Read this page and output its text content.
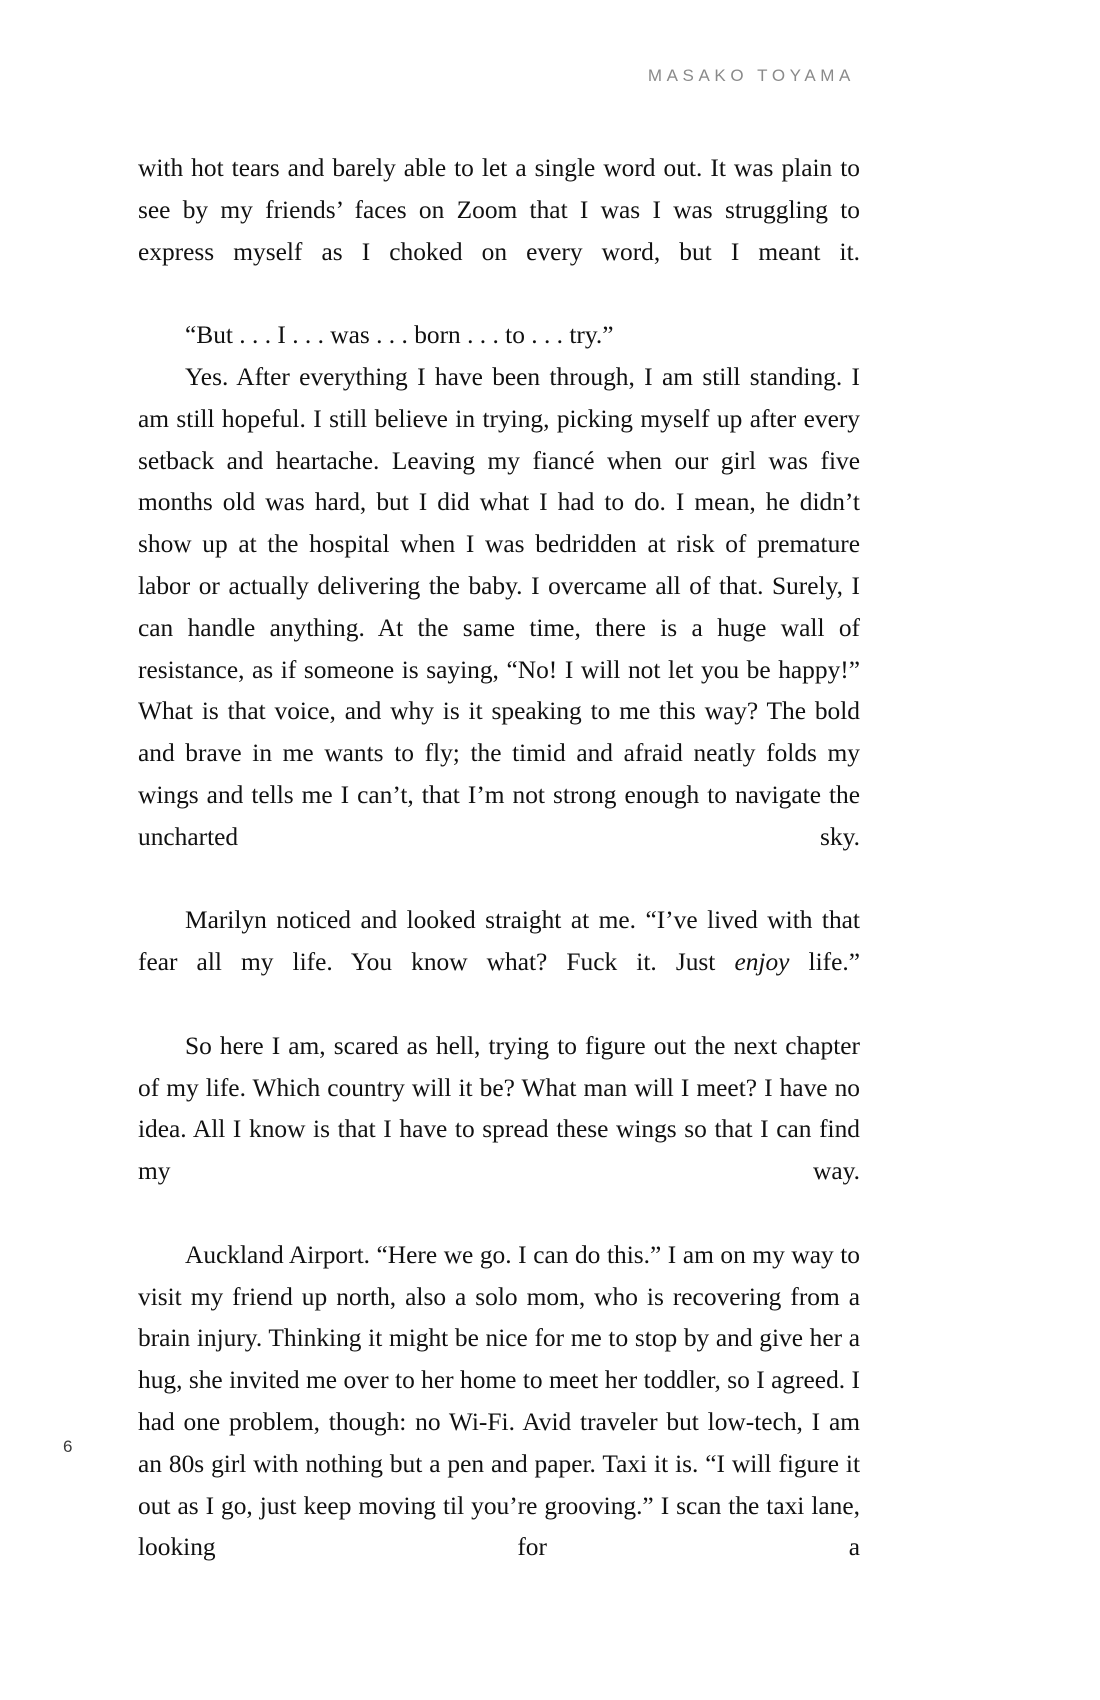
MASAKO TOYAMA

with hot tears and barely able to let a single word out. It was plain to see by my friends’ faces on Zoom that I was I was struggling to express myself as I choked on every word, but I meant it.

“But . . . I . . . was . . . born . . . to . . . try.”

Yes. After everything I have been through, I am still standing. I am still hopeful. I still believe in trying, picking myself up after every setback and heartache. Leaving my fiancé when our girl was five months old was hard, but I did what I had to do. I mean, he didn’t show up at the hospital when I was bedridden at risk of premature labor or actually delivering the baby. I overcame all of that. Surely, I can handle anything. At the same time, there is a huge wall of resistance, as if someone is saying, “No! I will not let you be happy!” What is that voice, and why is it speaking to me this way? The bold and brave in me wants to fly; the timid and afraid neatly folds my wings and tells me I can’t, that I’m not strong enough to navigate the uncharted sky.

Marilyn noticed and looked straight at me. “I’ve lived with that fear all my life. You know what? Fuck it. Just enjoy life.”

So here I am, scared as hell, trying to figure out the next chapter of my life. Which country will it be? What man will I meet? I have no idea. All I know is that I have to spread these wings so that I can find my way.

Auckland Airport. “Here we go. I can do this.” I am on my way to visit my friend up north, also a solo mom, who is recovering from a brain injury. Thinking it might be nice for me to stop by and give her a hug, she invited me over to her home to meet her toddler, so I agreed. I had one problem, though: no Wi-Fi. Avid traveler but low-tech, I am an 80s girl with nothing but a pen and paper. Taxi it is. “I will figure it out as I go, just keep moving til you’re grooving.” I scan the taxi lane, looking for a

6
